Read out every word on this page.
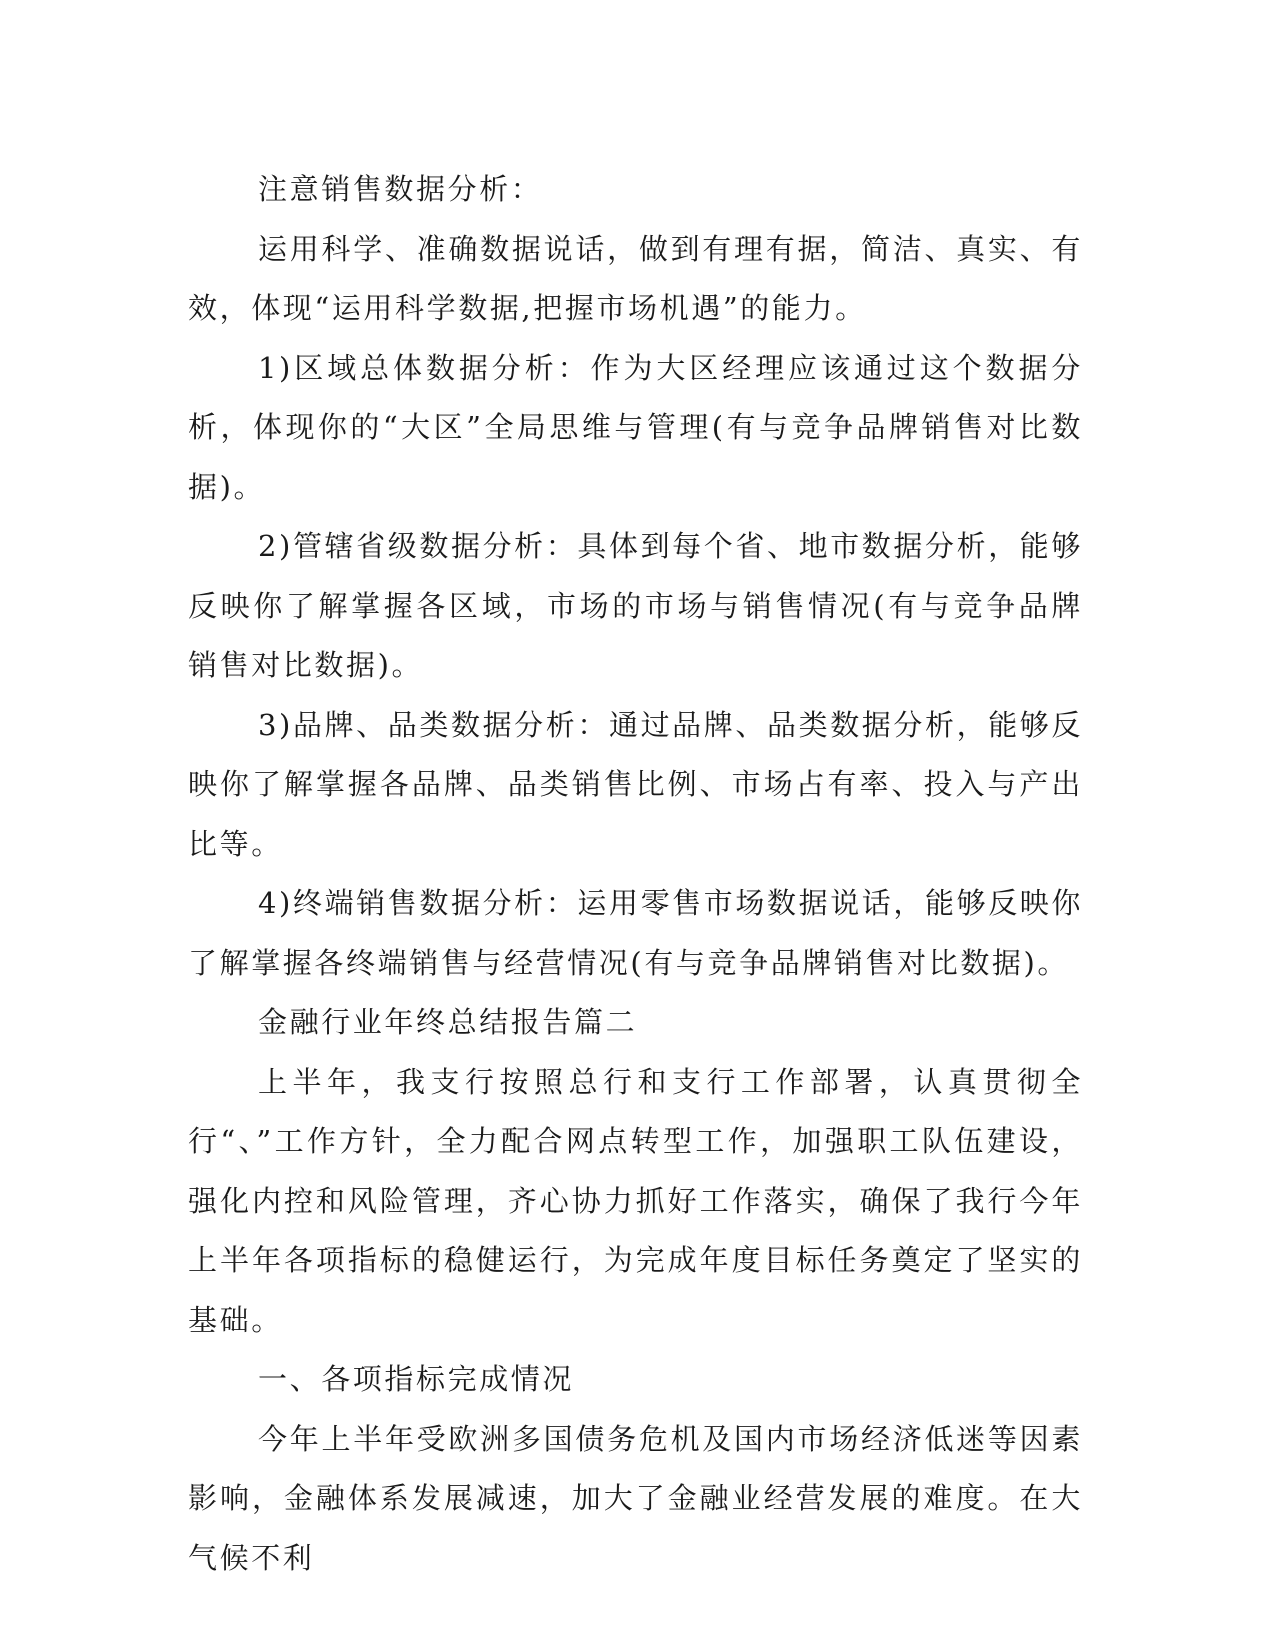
注意销售数据分析：

运用科学、准确数据说话，做到有理有据，简洁、真实、有效，体现“运用科学数据,把握市场机遇”的能力。

1)区域总体数据分析：作为大区经理应该通过这个数据分析，体现你的“大区”全局思维与管理(有与竞争品牌销售对比数据)。

2)管辖省级数据分析：具体到每个省、地市数据分析，能够反映你了解掌握各区域，市场的市场与销售情况(有与竞争品牌销售对比数据)。

3)品牌、品类数据分析：通过品牌、品类数据分析，能够反映你了解掌握各品牌、品类销售比例、市场占有率、投入与产出比等。

4)终端销售数据分析：运用零售市场数据说话，能够反映你了解掌握各终端销售与经营情况(有与竞争品牌销售对比数据)。

金融行业年终总结报告篇二

上半年，我支行按照总行和支行工作部署，认真贯彻全行“、”工作方针，全力配合网点转型工作，加强职工队伍建设，强化内控和风险管理，齐心协力抓好工作落实，确保了我行今年上半年各项指标的稳健运行，为完成年度目标任务奠定了坚实的基础。

一、各项指标完成情况

今年上半年受欧洲多国债务危机及国内市场经济低迷等因素影响，金融体系发展减速，加大了金融业经营发展的难度。在大气候不利
